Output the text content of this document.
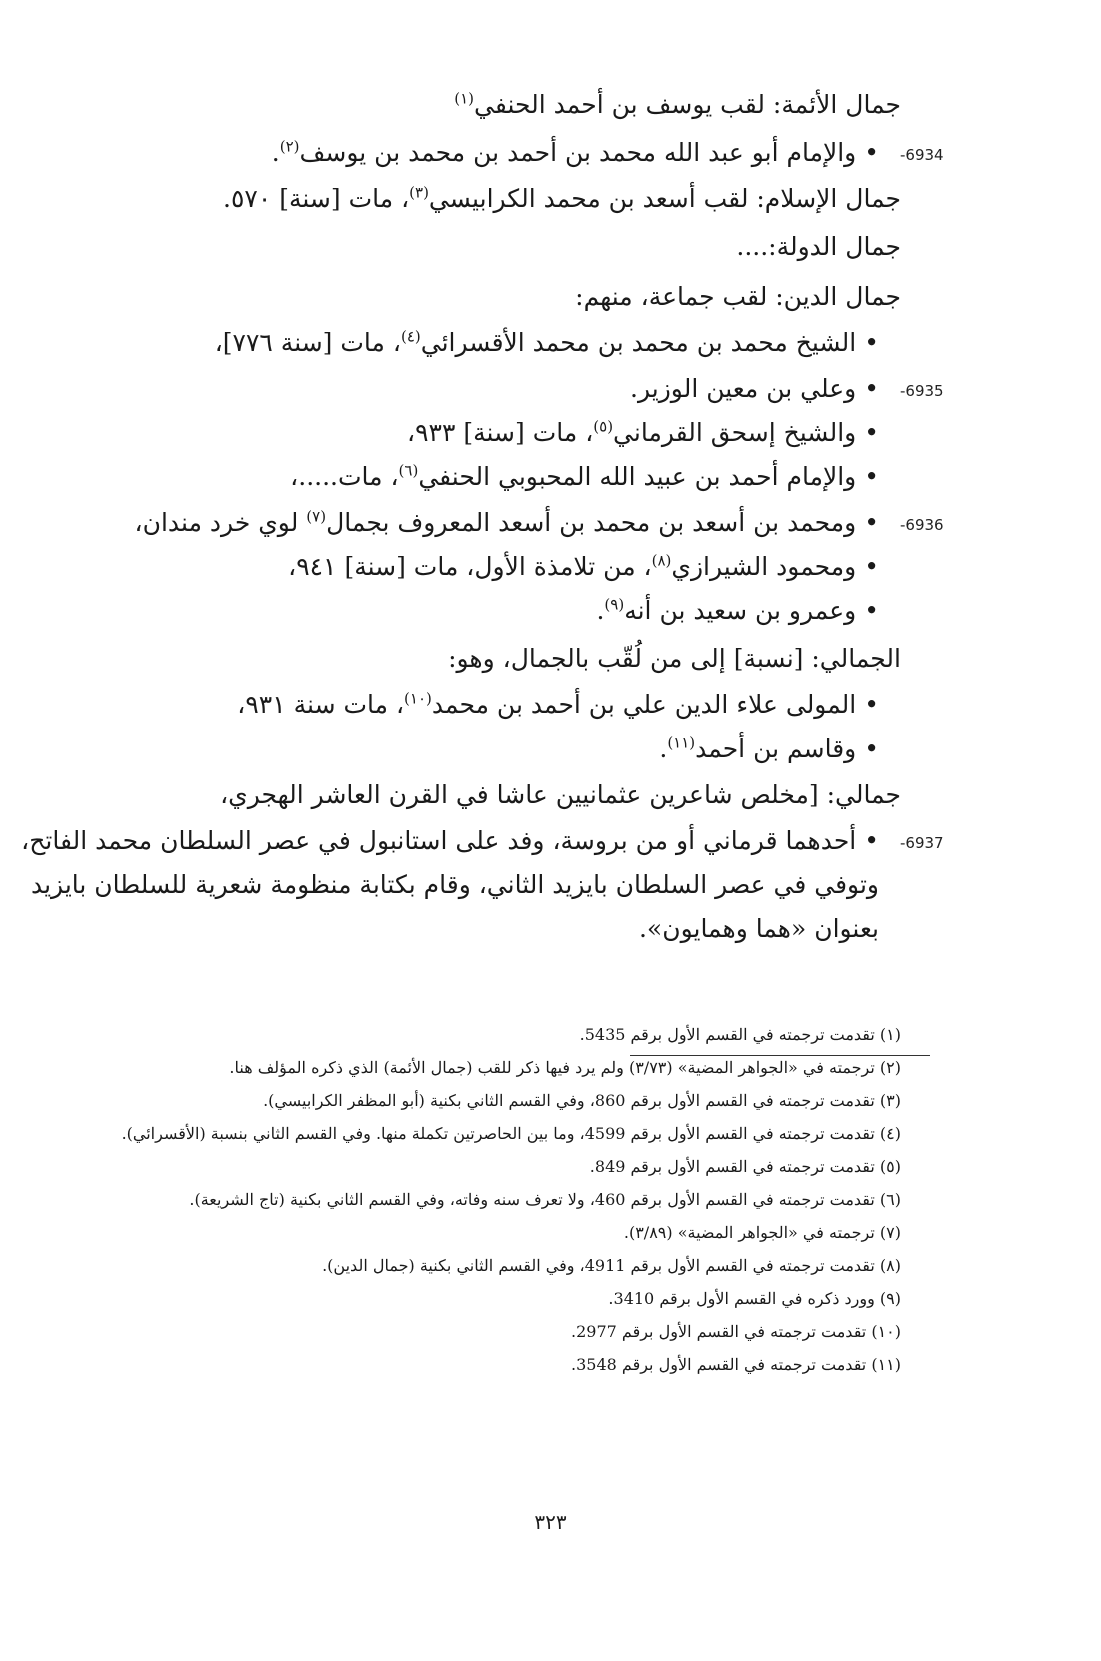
جمال الأئمة: لقب يوسف بن أحمد الحنفي$^{(١)}$
-6934
•والإمام أبو عبد الله محمد بن أحمد بن محمد بن يوسف$^{(٢)}$.
جمال الإسلام: لقب أسعد بن محمد الكرابيسي$^{(٣)}$، مات [سنة] ٥٧٠.
جمال الدولة:....
جمال الدين: لقب جماعة، منهم:
•الشيخ محمد بن محمد بن محمد الأقسرائي$^{(٤)}$، مات [سنة ٧٧٦]،
-6935
•وعلي بن معين الوزير.
•والشيخ إسحق القرماني$^{(٥)}$، مات [سنة] ٩٣٣،
•والإمام أحمد بن عبيد الله المحبوبي الحنفي$^{(٦)}$، مات.....،
-6936
•ومحمد بن أسعد بن محمد بن أسعد المعروف بجمال$^{(٧)}$ لوي خرد مندان،
•ومحمود الشيرازي$^{(٨)}$، من تلامذة الأول، مات [سنة] ٩٤١،
•وعمرو بن سعيد بن أنه$^{(٩)}$.
الجمالي: [نسبة] إلى من لُقّب بالجمال، وهو:
•المولى علاء الدين علي بن أحمد بن محمد$^{(١٠)}$، مات سنة ٩٣١،
•وقاسم بن أحمد$^{(١١)}$.
جمالي: [مخلص شاعرين عثمانيين عاشا في القرن العاشر الهجري،
-6937
•أحدهما قرماني أو من بروسة، وفد على استانبول في عصر السلطان محمد الفاتح،
وتوفي في عصر السلطان بايزيد الثاني، وقام بكتابة منظومة شعرية للسلطان بايزيد
بعنوان «هما وهمايون».
(١) تقدمت ترجمته في القسم الأول برقم 5435.
(٢) ترجمته في «الجواهر المضية» (٣/٧٣) ولم يرد فيها ذكر للقب (جمال الأئمة) الذي ذكره المؤلف هنا.
(٣) تقدمت ترجمته في القسم الأول برقم 860، وفي القسم الثاني بكنية (أبو المظفر الكرابيسي).
(٤) تقدمت ترجمته في القسم الأول برقم 4599، وما بين الحاصرتين تكملة منها. وفي القسم الثاني بنسبة (الأقسرائي).
(٥) تقدمت ترجمته في القسم الأول برقم 849.
(٦) تقدمت ترجمته في القسم الأول برقم 460، ولا تعرف سنه وفاته، وفي القسم الثاني بكنية (تاج الشريعة).
(٧) ترجمته في «الجواهر المضية» (٣/٨٩).
(٨) تقدمت ترجمته في القسم الأول برقم 4911، وفي القسم الثاني بكنية (جمال الدين).
(٩) وورد ذكره في القسم الأول برقم 3410.
(١٠) تقدمت ترجمته في القسم الأول برقم 2977.
(١١) تقدمت ترجمته في القسم الأول برقم 3548.
٣٢٣
